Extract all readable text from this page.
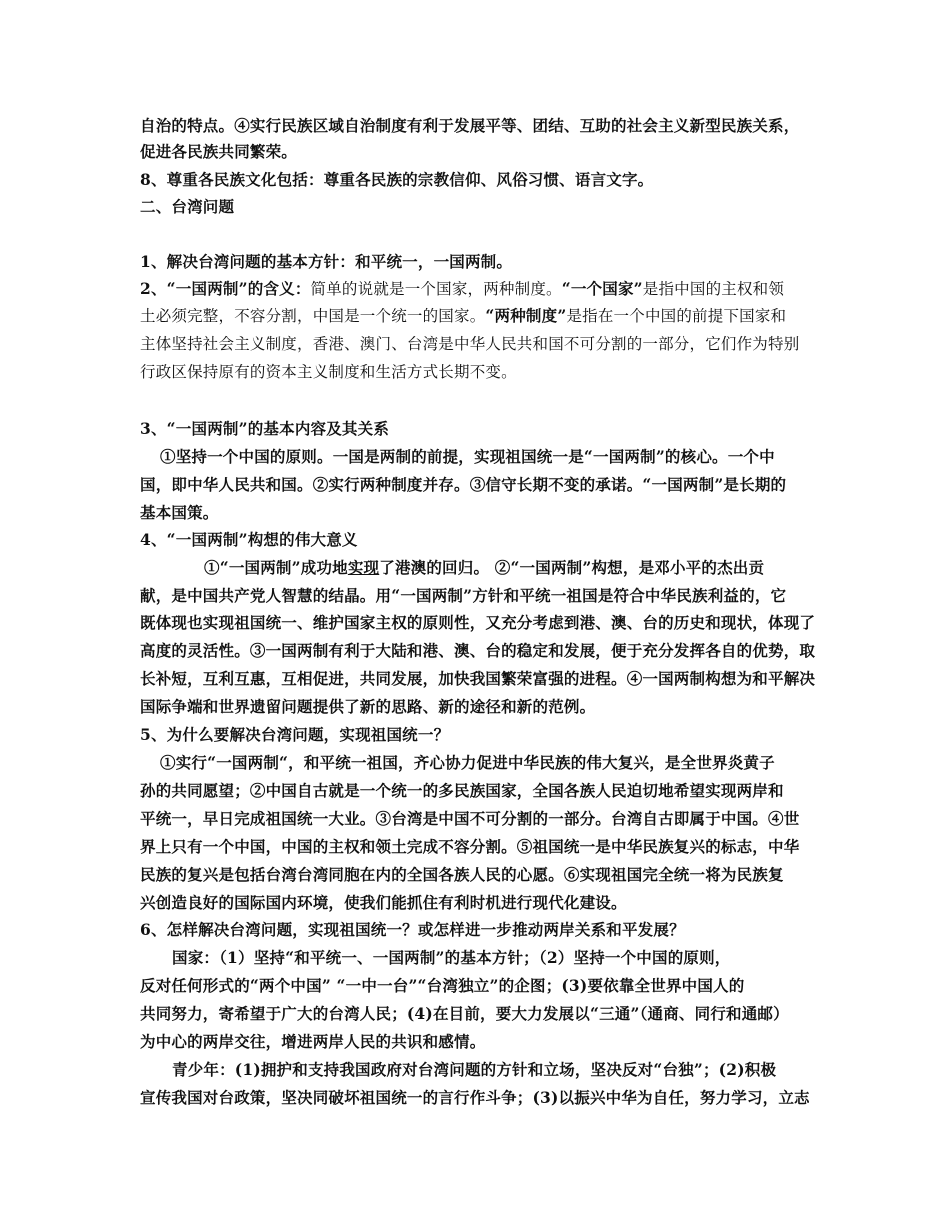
自治的特点。④实行民族区域自治制度有利于发展平等、团结、互助的社会主义新型民族关系，
促进各民族共同繁荣。
8、尊重各民族文化包括：尊重各民族的宗教信仰、风俗习惯、语言文字。
二、台湾问题
1、解决台湾问题的基本方针：和平统一，一国两制。
2、“一国两制”的含义：简单的说就是一个国家，两种制度。“一个国家”是指中国的主权和领
土必须完整，不容分割，中国是一个统一的国家。“两种制度”是指在一个中国的前提下国家和
主体坚持社会主义制度，香港、澳门、台湾是中华人民共和国不可分割的一部分，它们作为特别
行政区保持原有的资本主义制度和生活方式长期不变。
3、“一国两制”的基本内容及其关系
①坚持一个中国的原则。一国是两制的前提，实现祖国统一是“一国两制”的核心。一个中
国，即中华人民共和国。②实行两种制度并存。③信守长期不变的承诺。“一国两制”是长期的
基本国策。
4、“一国两制”构想的伟大意义
①“一国两制”成功地实现了港澳的回归。 ②“一国两制”构想，是邓小平的杰出贡
献，是中国共产党人智慧的结晶。用“一国两制”方针和平统一祖国是符合中华民族利益的，它
既体现也实现祖国统一、维护国家主权的原则性，又充分考虑到港、澳、台的历史和现状，体现了
高度的灵活性。③一国两制有利于大陆和港、澳、台的稳定和发展，便于充分发挥各自的优势，取
长补短，互利互惠，互相促进，共同发展，加快我国繁荣富强的进程。④一国两制构想为和平解决
国际争端和世界遗留问题提供了新的思路、新的途径和新的范例。
5、为什么要解决台湾问题，实现祖国统一？
①实行“一国两制“，和平统一祖国，齐心协力促进中华民族的伟大复兴，是全世界炎黄子
孙的共同愿望；②中国自古就是一个统一的多民族国家，全国各族人民迫切地希望实现两岸和
平统一，早日完成祖国统一大业。③台湾是中国不可分割的一部分。台湾自古即属于中国。④世
界上只有一个中国，中国的主权和领土完成不容分割。⑤祖国统一是中华民族复兴的标志，中华
民族的复兴是包括台湾台湾同胞在内的全国各族人民的心愿。⑥实现祖国完全统一将为民族复
兴创造良好的国际国内环境，使我们能抓住有利时机进行现代化建设。
6、怎样解决台湾问题，实现祖国统一？或怎样进一步推动两岸关系和平发展？
国家：（1）坚持“和平统一、一国两制”的基本方针；（2）坚持一个中国的原则，
反对任何形式的“两个中国” “一中一台”“台湾独立”的企图；(3)要依靠全世界中国人的
共同努力，寄希望于广大的台湾人民；(4)在目前，要大力发展以“三通”（通商、同行和通邮）
为中心的两岸交往，增进两岸人民的共识和感情。
青少年：(1)拥护和支持我国政府对台湾问题的方针和立场，坚决反对“台独”；(2)积极
宣传我国对台政策，坚决同破坏祖国统一的言行作斗争；(3)以振兴中华为自任，努力学习，立志
